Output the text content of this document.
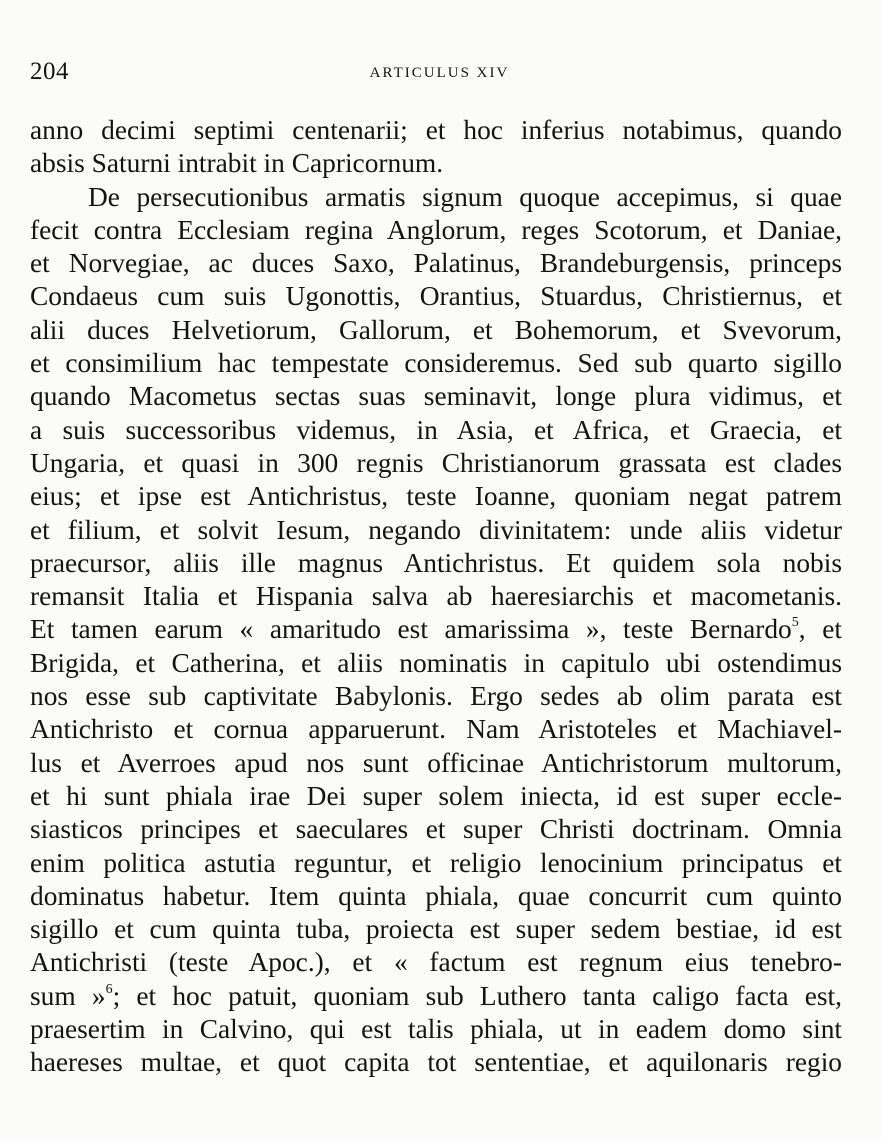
204	ARTICULUS XIV
anno decimi septimi centenarii; et hoc inferius notabimus, quando
absis Saturni intrabit in Capricornum.
De persecutionibus armatis signum quoque accepimus, si quae
fecit contra Ecclesiam regina Anglorum, reges Scotorum, et Daniae,
et Norvegiae, ac duces Saxo, Palatinus, Brandeburgensis, princeps
Condaeus cum suis Ugonottis, Orantius, Stuardus, Christiernus, et
alii duces Helvetiorum, Gallorum, et Bohemorum, et Svevorum,
et consimilium hac tempestate consideremus. Sed sub quarto sigillo
quando Macometus sectas suas seminavit, longe plura vidimus, et
a suis successoribus videmus, in Asia, et Africa, et Graecia, et
Ungaria, et quasi in 300 regnis Christianorum grassata est clades
eius; et ipse est Antichristus, teste Ioanne, quoniam negat patrem
et filium, et solvit Iesum, negando divinitatem: unde aliis videtur
praecursor, aliis ille magnus Antichristus. Et quidem sola nobis
remansit Italia et Hispania salva ab haeresiarchis et macometanis.
Et tamen earum « amaritudo est amarissima », teste Bernardo$^5$, et
Brigida, et Catherina, et aliis nominatis in capitulo ubi ostendimus
nos esse sub captivitate Babylonis. Ergo sedes ab olim parata est
Antichristo et cornua apparuerunt. Nam Aristoteles et Machiavel-
lus et Averroes apud nos sunt officinae Antichristorum multorum,
et hi sunt phiala irae Dei super solem iniecta, id est super eccle-
siasticos principes et saeculares et super Christi doctrinam. Omnia
enim politica astutia reguntur, et religio lenocinium principatus et
dominatus habetur. Item quinta phiala, quae concurrit cum quinto
sigillo et cum quinta tuba, proiecta est super sedem bestiae, id est
Antichristi (teste Apoc.), et « factum est regnum eius tenebro-
sum »$^6$; et hoc patuit, quoniam sub Luthero tanta caligo facta est,
praesertim in Calvino, qui est talis phiala, ut in eadem domo sint
haereses multae, et quot capita tot sententiae, et aquilonaris regio
